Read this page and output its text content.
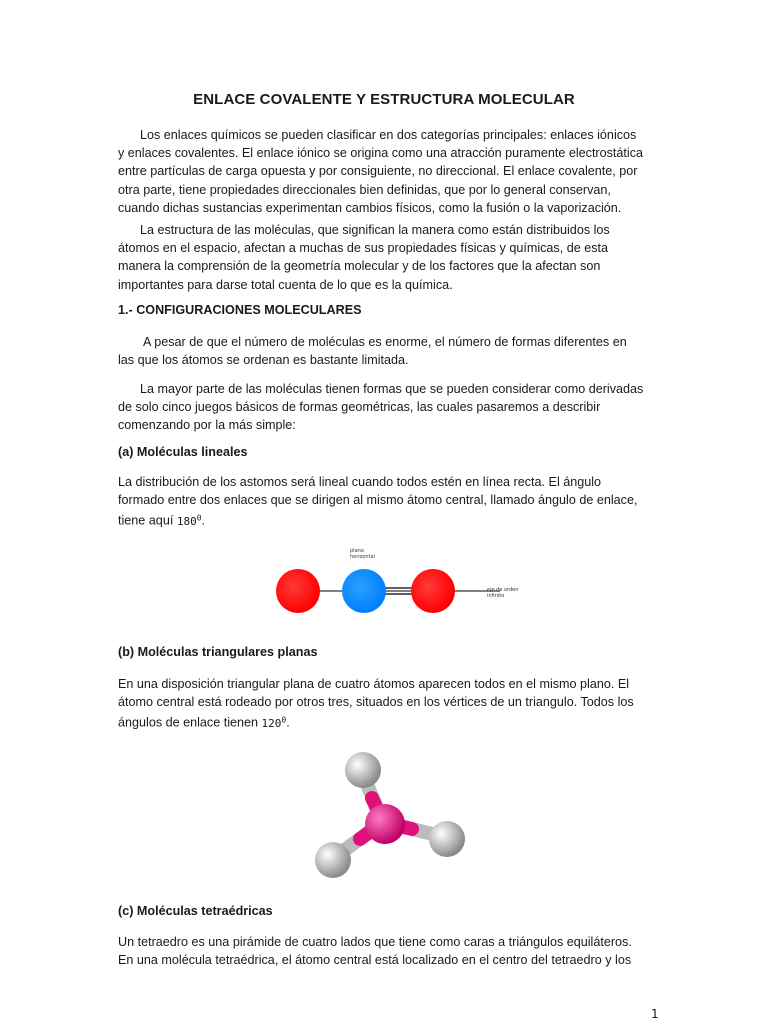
ENLACE COVALENTE Y ESTRUCTURA MOLECULAR
Los enlaces químicos se pueden clasificar en dos categorías principales: enlaces iónicos y enlaces covalentes. El enlace iónico se origina como una atracción puramente electrostática entre partículas de carga opuesta y por consiguiente, no direccional. El enlace covalente, por otra parte, tiene propiedades direccionales bien definidas, que por lo general conservan, cuando dichas sustancias experimentan cambios físicos, como la fusión o la vaporización.
La estructura de las moléculas, que significan la manera como están distribuidos los átomos en el espacio, afectan a muchas de sus propiedades físicas y químicas, de esta manera la comprensión de la geometría molecular y de los factores que la afectan son importantes para darse total cuenta de lo que es la química.
1.- CONFIGURACIONES MOLECULARES
A pesar de que el número de moléculas es enorme, el número de formas diferentes en las que los átomos se ordenan es bastante limitada.
La mayor parte de las moléculas tienen formas que se pueden considerar como derivadas de solo cinco juegos básicos de formas geométricas, las cuales pasaremos a describir comenzando por la más simple:
(a) Moléculas lineales
La distribución de los astomos será lineal cuando todos estén en línea recta. El ángulo formado entre dos enlaces que se dirigen al mismo átomo central, llamado ángulo de enlace, tiene aquí $180^0$.
plano
horizontal
eje de orden
infinito
(b) Moléculas triangulares planas
En una disposición triangular plana de cuatro átomos aparecen todos en el mismo plano. El átomo central está rodeado por otros tres, situados en los vértices de un triangulo. Todos los ángulos de enlace tienen $120^0$.
(c) Moléculas tetraédricas
Un tetraedro es una pirámide de cuatro lados que tiene como caras a triángulos equiláteros. En una molécula tetraédrica, el átomo central está localizado en el centro del tetraedro y los
1
